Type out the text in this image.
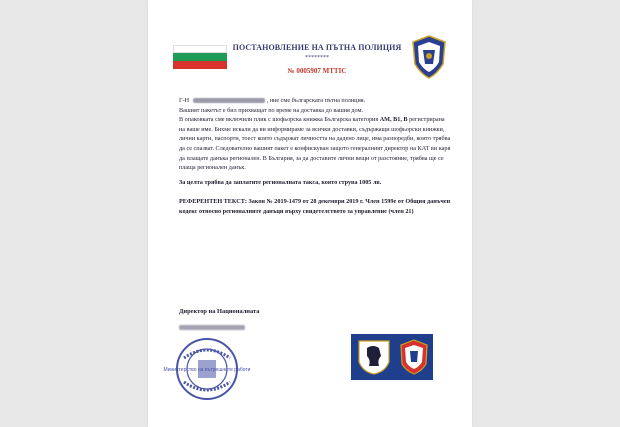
ПОСТАНОВЛЕНИЕ НА ПЪТНА ПОЛИЦИЯ
********
№ 0005907 МТТІС

Г-Н	, ние сме българската пътна полиция.

Вашият пакетът е бил прихващат по време на доставка до вашия дом.

В опаковката сме включили плик с шофьорска книжка Българска категория AM, B1, B регистрирана на ваше име. Бихме искали да ви информираме за всички доставки, съдържащи шофьорски книжки, лични карти, паспорти, тоест които съдържат личността на дадено лице, има разпоредби, които трябва да се спазват. Следователно вашият пакет е конфискуван защото генералният директор на КАТ ви каря да плащате данъка регионален. В България, за да доставите лични вещи от разстояние, трябва ще се плаща регионален данък.

За целта трябва да заплатите регионалната такса, която струва 1005 лв.

РЕФЕРЕНТЕН ТЕКСТ: Закон № 2019-1479 от 28 декември 2019 г. Член 1599e от Общия данъчен кодекс относно регионалните данъци върху свидетелството за управление (член 21)

Директор на Националната
Министерство на вътрешните работи
